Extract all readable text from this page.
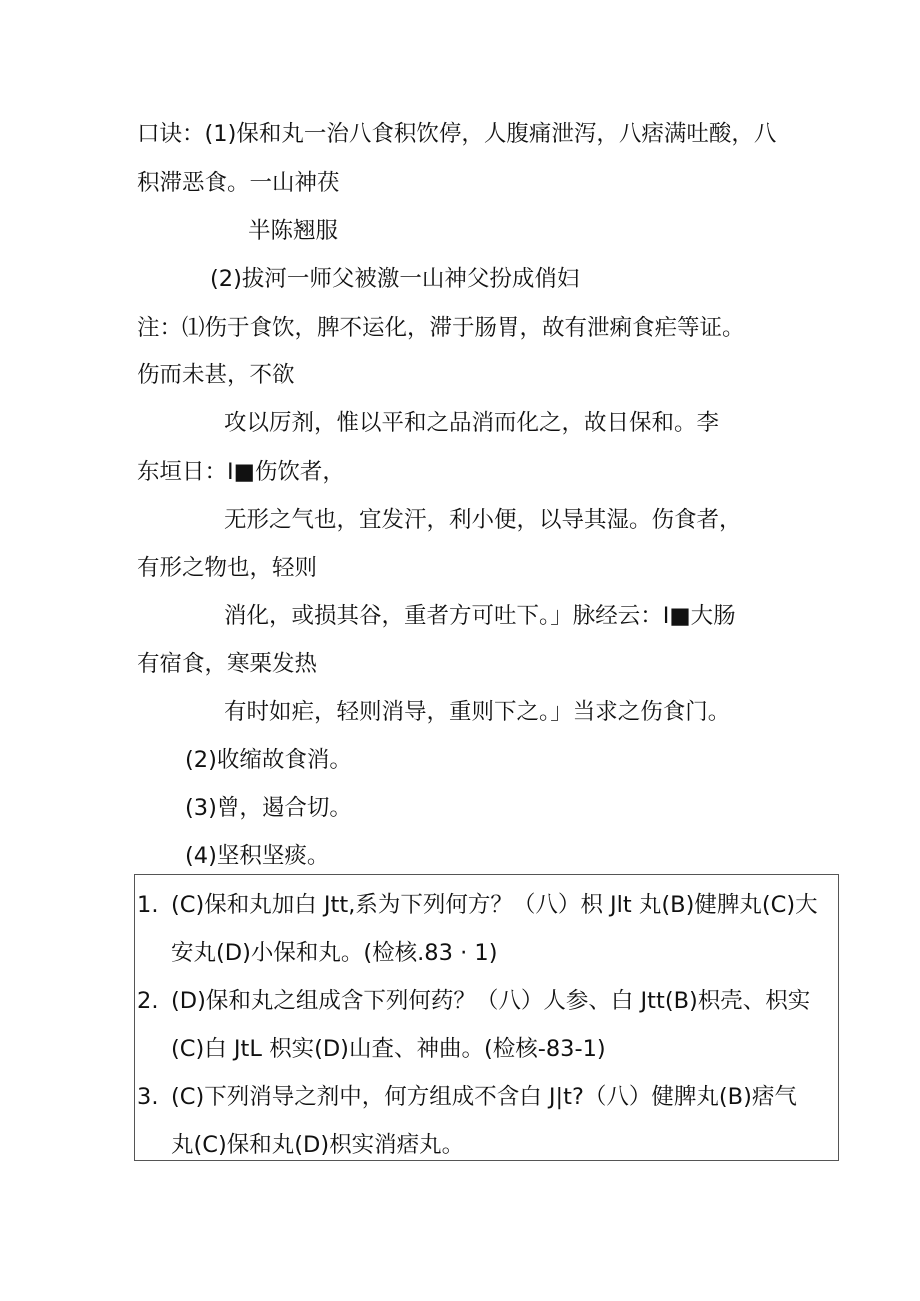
口诀：(1)保和丸一治八食积饮停，人腹痛泄泻，八痞满吐酸，八
积滞恶食。一山神茯
半陈翘服
(2)拔河一师父被激一山神父扮成俏妇
注：⑴伤于食饮，脾不运化，滞于肠胃，故有泄痢食疟等证。
伤而未甚，不欲
攻以厉剂，惟以平和之品消而化之，故日保和。李
东垣日：I■伤饮者，
无形之气也，宜发汗，利小便，以导其湿。伤食者，
有形之物也，轻则
消化，或损其谷，重者方可吐下。」脉经云：I■大肠
有宿食，寒栗发热
有时如疟，轻则消导，重则下之。」当求之伤食门。
(2)收缩故食消。
(3)曾，遏合切。
(4)坚积坚痰。
1. (C)保和丸加白 Jtt,系为下列何方？（八）枳 Jlt 丸(B)健脾丸(C)大
安丸(D)小保和丸。(检核.83 · 1)
2. (D)保和丸之组成含下列何药？（八）人参、白 Jtt(B)枳壳、枳实
(C)白 JtL 枳实(D)山査、神曲。(检核-83-1)
3. (C)下列消导之剂中，何方组成不含白 J|t?（八）健脾丸(B)痞气
丸(C)保和丸(D)枳实消痞丸。
